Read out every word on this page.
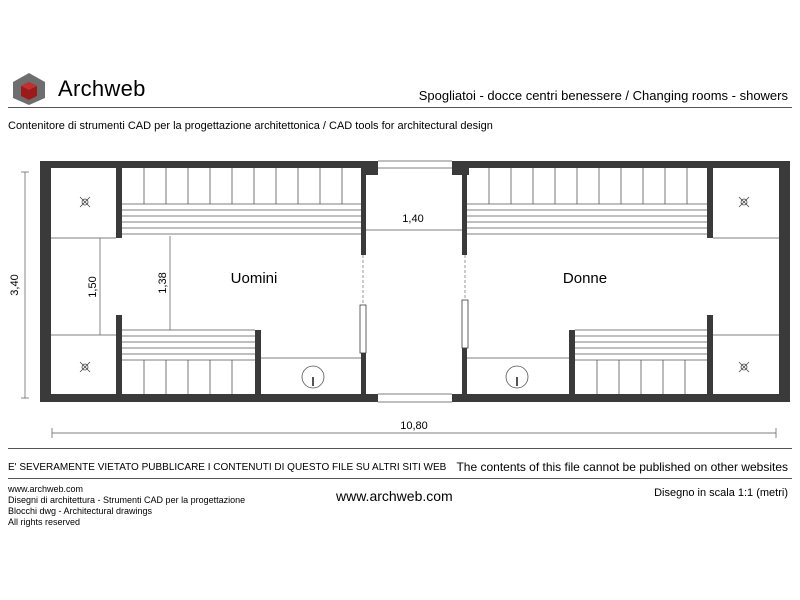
Archweb	Spogliatoi - docce centri benessere / Changing rooms - showers
Contenitore di strumenti CAD per la progettazione architettonica / CAD tools for architectural design
Uomini	Donne
1,40
3,40	1,50	1,38
10,80
E' SEVERAMENTE VIETATO PUBBLICARE I CONTENUTI DI QUESTO FILE SU ALTRI SITI WEB The contents of this file cannot be published on other websites
www.archweb.com
Disegni di architettura - Strumenti CAD per la progettazione
Blocchi dwg - Architectural drawings
All rights reserved
www.archweb.com	Disegno in scala 1:1 (metri)
